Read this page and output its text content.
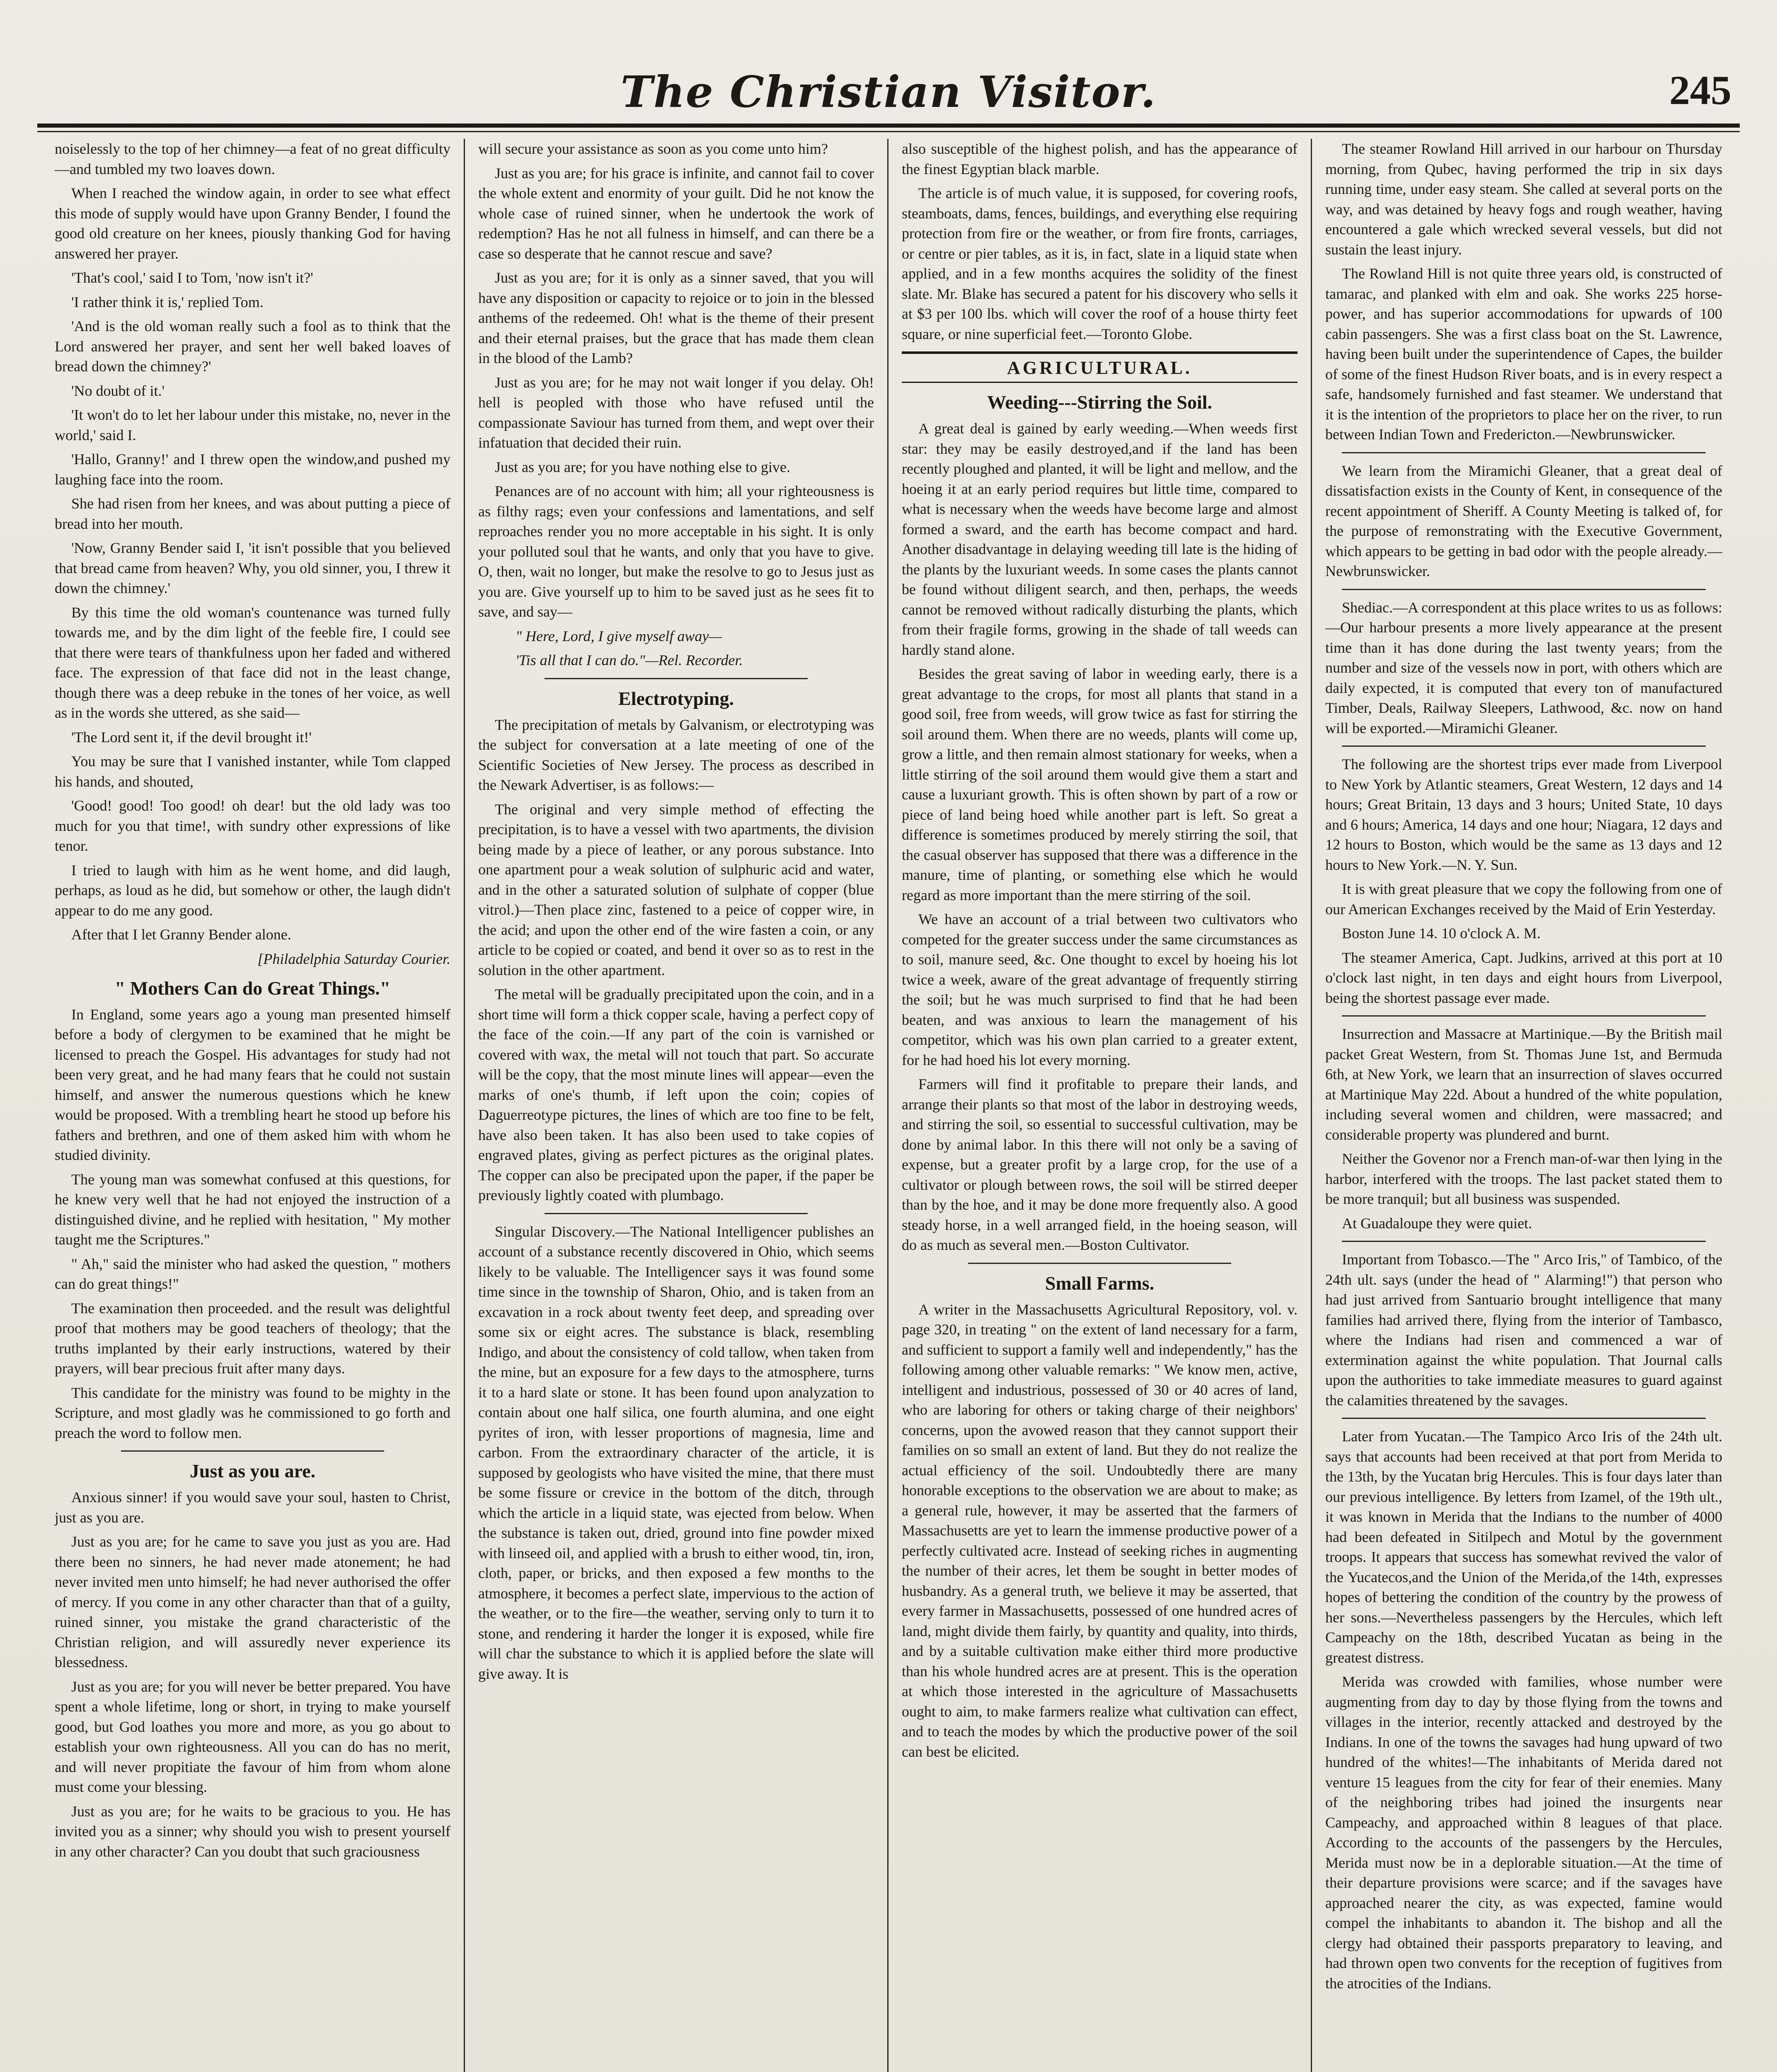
The Christian Visitor.	245

noiselessly to the top of her chimney—a feat of no great difficulty—and tumbled my two loaves down.

When I reached the window again, in order to see what effect this mode of supply would have upon Granny Bender, I found the good old creature on her knees, piously thanking God for having answered her prayer.

'That's cool,' said I to Tom, 'now isn't it?'

'I rather think it is,' replied Tom.

'And is the old woman really such a fool as to think that the Lord answered her prayer, and sent her well baked loaves of bread down the chimney?'

'No doubt of it.'

'It won't do to let her labour under this mistake, no, never in the world,' said I.

'Hallo, Granny!' and I threw open the window,and pushed my laughing face into the room.

She had risen from her knees, and was about putting a piece of bread into her mouth.

'Now, Granny Bender said I, 'it isn't possible that you believed that bread came from heaven? Why, you old sinner, you, I threw it down the chimney.'

By this time the old woman's countenance was turned fully towards me, and by the dim light of the feeble fire, I could see that there were tears of thankfulness upon her faded and withered face. The expression of that face did not in the least change, though there was a deep rebuke in the tones of her voice, as well as in the words she uttered, as she said—

'The Lord sent it, if the devil brought it!'

You may be sure that I vanished instanter, while Tom clapped his hands, and shouted,

'Good! good! Too good! oh dear! but the old lady was too much for you that time!, with sundry other expressions of like tenor.

I tried to laugh with him as he went home, and did laugh, perhaps, as loud as he did, but somehow or other, the laugh didn't appear to do me any good.

After that I let Granny Bender alone.

[Philadelphia Saturday Courier.
" Mothers Can do Great Things."

In England, some years ago a young man presented himself before a body of clergymen to be examined that he might be licensed to preach the Gospel. His advantages for study had not been very great, and he had many fears that he could not sustain himself, and answer the numerous questions which he knew would be proposed. With a trembling heart he stood up before his fathers and brethren, and one of them asked him with whom he studied divinity.

The young man was somewhat confused at this questions, for he knew very well that he had not enjoyed the instruction of a distinguished divine, and he replied with hesitation, " My mother taught me the Scriptures."

" Ah," said the minister who had asked the question, " mothers can do great things!"

The examination then proceeded. and the result was delightful proof that mothers may be good teachers of theology; that the truths implanted by their early instructions, watered by their prayers, will bear precious fruit after many days.

This candidate for the ministry was found to be mighty in the Scripture, and most gladly was he commissioned to go forth and preach the word to follow men.

Just as you are.

Anxious sinner! if you would save your soul, hasten to Christ, just as you are.

Just as you are; for he came to save you just as you are. Had there been no sinners, he had never made atonement; he had never invited men unto himself; he had never authorised the offer of mercy. If you come in any other character than that of a guilty, ruined sinner, you mistake the grand characteristic of the Christian religion, and will assuredly never experience its blessedness.

Just as you are; for you will never be better prepared. You have spent a whole lifetime, long or short, in trying to make yourself good, but God loathes you more and more, as you go about to establish your own righteousness. All you can do has no merit, and will never propitiate the favour of him from whom alone must come your blessing.

Just as you are; for he waits to be gracious to you. He has invited you as a sinner; why should you wish to present yourself in any other character? Can you doubt that such graciousness

will secure your assistance as soon as you come unto him?

Just as you are; for his grace is infinite, and cannot fail to cover the whole extent and enormity of your guilt. Did he not know the whole case of ruined sinner, when he undertook the work of redemption? Has he not all fulness in himself, and can there be a case so desperate that he cannot rescue and save?

Just as you are; for it is only as a sinner saved, that you will have any disposition or capacity to rejoice or to join in the blessed anthems of the redeemed. Oh! what is the theme of their present and their eternal praises, but the grace that has made them clean in the blood of the Lamb?

Just as you are; for he may not wait longer if you delay. Oh! hell is peopled with those who have refused until the compassionate Saviour has turned from them, and wept over their infatuation that decided their ruin.

Just as you are; for you have nothing else to give.

Penances are of no account with him; all your righteousness is as filthy rags; even your confessions and lamentations, and self reproaches render you no more acceptable in his sight. It is only your polluted soul that he wants, and only that you have to give. O, then, wait no longer, but make the resolve to go to Jesus just as you are. Give yourself up to him to be saved just as he sees fit to save, and say—

" Here, Lord, I give myself away—

'Tis all that I can do."—Rel. Recorder.

Electrotyping.

The precipitation of metals by Galvanism, or electrotyping was the subject for conversation at a late meeting of one of the Scientific Societies of New Jersey. The process as described in the Newark Advertiser, is as follows:—

The original and very simple method of effecting the precipitation, is to have a vessel with two apartments, the division being made by a piece of leather, or any porous substance. Into one apartment pour a weak solution of sulphuric acid and water, and in the other a saturated solution of sulphate of copper (blue vitrol.)—Then place zinc, fastened to a peice of copper wire, in the acid; and upon the other end of the wire fasten a coin, or any article to be copied or coated, and bend it over so as to rest in the solution in the other apartment.

The metal will be gradually precipitated upon the coin, and in a short time will form a thick copper scale, having a perfect copy of the face of the coin.—If any part of the coin is varnished or covered with wax, the metal will not touch that part. So accurate will be the copy, that the most minute lines will appear—even the marks of one's thumb, if left upon the coin; copies of Daguerreotype pictures, the lines of which are too fine to be felt, have also been taken. It has also been used to take copies of engraved plates, giving as perfect pictures as the original plates. The copper can also be precipated upon the paper, if the paper be previously lightly coated with plumbago.

Singular Discovery.—The National Intelligencer publishes an account of a substance recently discovered in Ohio, which seems likely to be valuable. The Intelligencer says it was found some time since in the township of Sharon, Ohio, and is taken from an excavation in a rock about twenty feet deep, and spreading over some six or eight acres. The substance is black, resembling Indigo, and about the consistency of cold tallow, when taken from the mine, but an exposure for a few days to the atmosphere, turns it to a hard slate or stone. It has been found upon analyzation to contain about one half silica, one fourth alumina, and one eight pyrites of iron, with lesser proportions of magnesia, lime and carbon. From the extraordinary character of the article, it is supposed by geologists who have visited the mine, that there must be some fissure or crevice in the bottom of the ditch, through which the article in a liquid state, was ejected from below. When the substance is taken out, dried, ground into fine powder mixed with linseed oil, and applied with a brush to either wood, tin, iron, cloth, paper, or bricks, and then exposed a few months to the atmosphere, it becomes a perfect slate, impervious to the action of the weather, or to the fire—the weather, serving only to turn it to stone, and rendering it harder the longer it is exposed, while fire will char the substance to which it is applied before the slate will give away. It is

also susceptible of the highest polish, and has the appearance of the finest Egyptian black marble.

The article is of much value, it is supposed, for covering roofs, steamboats, dams, fences, buildings, and everything else requiring protection from fire or the weather, or from fire fronts, carriages, or centre or pier tables, as it is, in fact, slate in a liquid state when applied, and in a few months acquires the solidity of the finest slate. Mr. Blake has secured a patent for his discovery who sells it at $3 per 100 lbs. which will cover the roof of a house thirty feet square, or nine superficial feet.—Toronto Globe.

AGRICULTURAL.
Weeding---Stirring the Soil.

A great deal is gained by early weeding.—When weeds first star: they may be easily destroyed,and if the land has been recently ploughed and planted, it will be light and mellow, and the hoeing it at an early period requires but little time, compared to what is necessary when the weeds have become large and almost formed a sward, and the earth has become compact and hard. Another disadvantage in delaying weeding till late is the hiding of the plants by the luxuriant weeds. In some cases the plants cannot be found without diligent search, and then, perhaps, the weeds cannot be removed without radically disturbing the plants, which from their fragile forms, growing in the shade of tall weeds can hardly stand alone.

Besides the great saving of labor in weeding early, there is a great advantage to the crops, for most all plants that stand in a good soil, free from weeds, will grow twice as fast for stirring the soil around them. When there are no weeds, plants will come up, grow a little, and then remain almost stationary for weeks, when a little stirring of the soil around them would give them a start and cause a luxuriant growth. This is often shown by part of a row or piece of land being hoed while another part is left. So great a difference is sometimes produced by merely stirring the soil, that the casual observer has supposed that there was a difference in the manure, time of planting, or something else which he would regard as more important than the mere stirring of the soil.

We have an account of a trial between two cultivators who competed for the greater success under the same circumstances as to soil, manure seed, &c. One thought to excel by hoeing his lot twice a week, aware of the great advantage of frequently stirring the soil; but he was much surprised to find that he had been beaten, and was anxious to learn the management of his competitor, which was his own plan carried to a greater extent, for he had hoed his lot every morning.

Farmers will find it profitable to prepare their lands, and arrange their plants so that most of the labor in destroying weeds, and stirring the soil, so essential to successful cultivation, may be done by animal labor. In this there will not only be a saving of expense, but a greater profit by a large crop, for the use of a cultivator or plough between rows, the soil will be stirred deeper than by the hoe, and it may be done more frequently also. A good steady horse, in a well arranged field, in the hoeing season, will do as much as several men.—Boston Cultivator.

Small Farms.

A writer in the Massachusetts Agricultural Repository, vol. v. page 320, in treating " on the extent of land necessary for a farm, and sufficient to support a family well and independently," has the following among other valuable remarks: " We know men, active, intelligent and industrious, possessed of 30 or 40 acres of land, who are laboring for others or taking charge of their neighbors' concerns, upon the avowed reason that they cannot support their families on so small an extent of land. But they do not realize the actual efficiency of the soil. Undoubtedly there are many honorable exceptions to the observation we are about to make; as a general rule, however, it may be asserted that the farmers of Massachusetts are yet to learn the immense productive power of a perfectly cultivated acre. Instead of seeking riches in augmenting the number of their acres, let them be sought in better modes of husbandry. As a general truth, we believe it may be asserted, that every farmer in Massachusetts, possessed of one hundred acres of land, might divide them fairly, by quantity and quality, into thirds, and by a suitable cultivation make either third more productive than his whole hundred acres are at present. This is the operation at which those interested in the agriculture of Massachusetts ought to aim, to make farmers realize what cultivation can effect, and to teach the modes by which the productive power of the soil can best be elicited.

The steamer Rowland Hill arrived in our harbour on Thursday morning, from Qubec, having performed the trip in six days running time, under easy steam. She called at several ports on the way, and was detained by heavy fogs and rough weather, having encountered a gale which wrecked several vessels, but did not sustain the least injury.

The Rowland Hill is not quite three years old, is constructed of tamarac, and planked with elm and oak. She works 225 horse-power, and has superior accommodations for upwards of 100 cabin passengers. She was a first class boat on the St. Lawrence, having been built under the superintendence of Capes, the builder of some of the finest Hudson River boats, and is in every respect a safe, handsomely furnished and fast steamer. We understand that it is the intention of the proprietors to place her on the river, to run between Indian Town and Fredericton.—Newbrunswicker.

We learn from the Miramichi Gleaner, that a great deal of dissatisfaction exists in the County of Kent, in consequence of the recent appointment of Sheriff. A County Meeting is talked of, for the purpose of remonstrating with the Executive Government, which appears to be getting in bad odor with the people already.—Newbrunswicker.

Shediac.—A correspondent at this place writes to us as follows:—Our harbour presents a more lively appearance at the present time than it has done during the last twenty years; from the number and size of the vessels now in port, with others which are daily expected, it is computed that every ton of manufactured Timber, Deals, Railway Sleepers, Lathwood, &c. now on hand will be exported.—Miramichi Gleaner.

The following are the shortest trips ever made from Liverpool to New York by Atlantic steamers, Great Western, 12 days and 14 hours; Great Britain, 13 days and 3 hours; United State, 10 days and 6 hours; America, 14 days and one hour; Niagara, 12 days and 12 hours to Boston, which would be the same as 13 days and 12 hours to New York.—N. Y. Sun.

It is with great pleasure that we copy the following from one of our American Exchanges received by the Maid of Erin Yesterday.

Boston June 14. 10 o'clock A. M.

The steamer America, Capt. Judkins, arrived at this port at 10 o'clock last night, in ten days and eight hours from Liverpool, being the shortest passage ever made.

Insurrection and Massacre at Martinique.—By the British mail packet Great Western, from St. Thomas June 1st, and Bermuda 6th, at New York, we learn that an insurrection of slaves occurred at Martinique May 22d. About a hundred of the white population, including several women and children, were massacred; and considerable property was plundered and burnt.

Neither the Govenor nor a French man-of-war then lying in the harbor, interfered with the troops. The last packet stated them to be more tranquil; but all business was suspended.

At Guadaloupe they were quiet.

Important from Tobasco.—The " Arco Iris," of Tambico, of the 24th ult. says (under the head of " Alarming!") that person who had just arrived from Santuario brought intelligence that many families had arrived there, flying from the interior of Tambasco, where the Indians had risen and commenced a war of extermination against the white population. That Journal calls upon the authorities to take immediate measures to guard against the calamities threatened by the savages.

Later from Yucatan.—The Tampico Arco Iris of the 24th ult. says that accounts had been received at that port from Merida to the 13th, by the Yucatan brig Hercules. This is four days later than our previous intelligence. By letters from Izamel, of the 19th ult., it was known in Merida that the Indians to the number of 4000 had been defeated in Sitilpech and Motul by the government troops. It appears that success has somewhat revived the valor of the Yucatecos,and the Union of the Merida,of the 14th, expresses hopes of bettering the condition of the country by the prowess of her sons.—Nevertheless passengers by the Hercules, which left Campeachy on the 18th, described Yucatan as being in the greatest distress.

Merida was crowded with families, whose number were augmenting from day to day by those flying from the towns and villages in the interior, recently attacked and destroyed by the Indians. In one of the towns the savages had hung upward of two hundred of the whites!—The inhabitants of Merida dared not venture 15 leagues from the city for fear of their enemies. Many of the neighboring tribes had joined the insurgents near Campeachy, and approached within 8 leagues of that place. According to the accounts of the passengers by the Hercules, Merida must now be in a deplorable situation.—At the time of their departure provisions were scarce; and if the savages have approached nearer the city, as was expected, famine would compel the inhabitants to abandon it. The bishop and all the clergy had obtained their passports preparatory to leaving, and had thrown open two convents for the reception of fugitives from the atrocities of the Indians.
